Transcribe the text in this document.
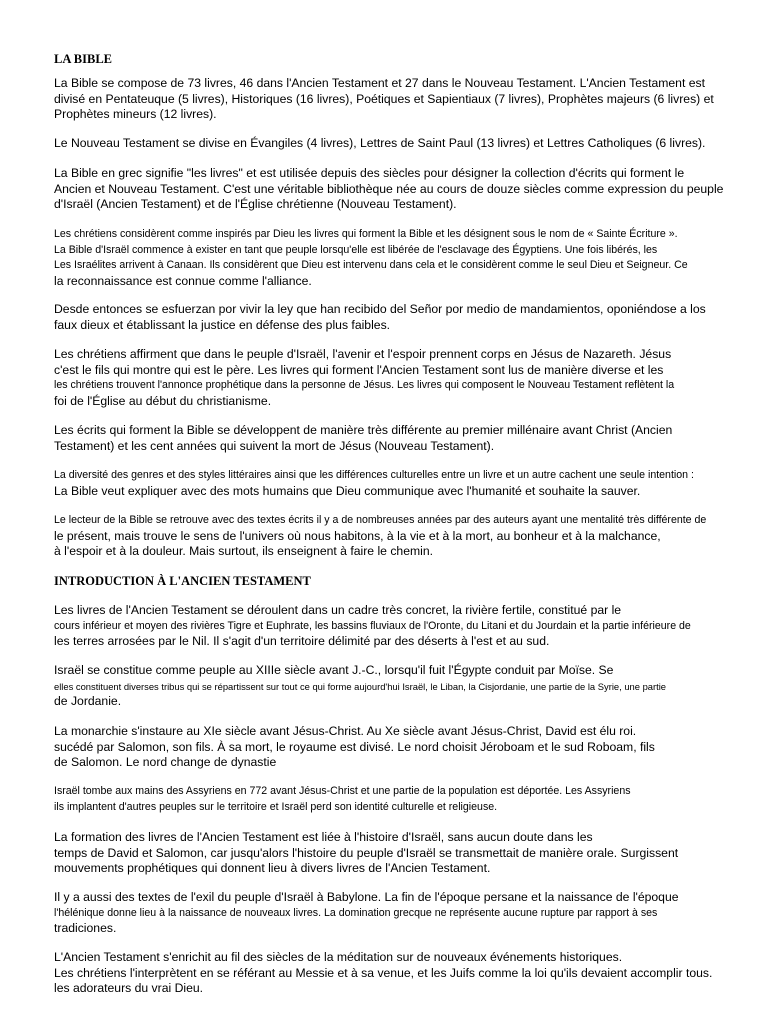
LA BIBLE

La Bible se compose de 73 livres, 46 dans l'Ancien Testament et 27 dans le Nouveau Testament. L'Ancien Testament est
divisé en Pentateuque (5 livres), Historiques (16 livres), Poétiques et Sapientiaux (7 livres), Prophètes majeurs (6 livres) et
Prophètes mineurs (12 livres).

Le Nouveau Testament se divise en Évangiles (4 livres), Lettres de Saint Paul (13 livres) et Lettres Catholiques (6 livres).

La Bible en grec signifie "les livres" et est utilisée depuis des siècles pour désigner la collection d'écrits qui forment le
Ancien et Nouveau Testament. C'est une véritable bibliothèque née au cours de douze siècles comme expression du peuple
d'Israël (Ancien Testament) et de l'Église chrétienne (Nouveau Testament).

Les chrétiens considèrent comme inspirés par Dieu les livres qui forment la Bible et les désignent sous le nom de « Sainte Écriture ».
La Bible d'Israël commence à exister en tant que peuple lorsqu'elle est libérée de l'esclavage des Égyptiens. Une fois libérés, les
Les Israélites arrivent à Canaan. Ils considèrent que Dieu est intervenu dans cela et le considèrent comme le seul Dieu et Seigneur. Ce
la reconnaissance est connue comme l'alliance.

Desde entonces se esfuerzan por vivir la ley que han recibido del Señor por medio de mandamientos, oponiéndose a los
faux dieux et établissant la justice en défense des plus faibles.

Les chrétiens affirment que dans le peuple d'Israël, l'avenir et l'espoir prennent corps en Jésus de Nazareth. Jésus
c'est le fils qui montre qui est le père. Les livres qui forment l'Ancien Testament sont lus de manière diverse et les
les chrétiens trouvent l'annonce prophétique dans la personne de Jésus. Les livres qui composent le Nouveau Testament reflètent la
foi de l'Église au début du christianisme.

Les écrits qui forment la Bible se développent de manière très différente au premier millénaire avant Christ (Ancien
Testament) et les cent années qui suivent la mort de Jésus (Nouveau Testament).

La diversité des genres et des styles littéraires ainsi que les différences culturelles entre un livre et un autre cachent une seule intention :
La Bible veut expliquer avec des mots humains que Dieu communique avec l'humanité et souhaite la sauver.

Le lecteur de la Bible se retrouve avec des textes écrits il y a de nombreuses années par des auteurs ayant une mentalité très différente de
le présent, mais trouve le sens de l'univers où nous habitons, à la vie et à la mort, au bonheur et à la malchance,
à l'espoir et à la douleur. Mais surtout, ils enseignent à faire le chemin.

INTRODUCTION À L'ANCIEN TESTAMENT

Les livres de l'Ancien Testament se déroulent dans un cadre très concret, la rivière fertile, constitué par le
cours inférieur et moyen des rivières Tigre et Euphrate, les bassins fluviaux de l'Oronte, du Litani et du Jourdain et la partie inférieure de
les terres arrosées par le Nil. Il s'agit d'un territoire délimité par des déserts à l'est et au sud.

Israël se constitue comme peuple au XIIIe siècle avant J.-C., lorsqu'il fuit l'Égypte conduit par Moïse. Se
elles constituent diverses tribus qui se répartissent sur tout ce qui forme aujourd'hui Israël, le Liban, la Cisjordanie, une partie de la Syrie, une partie
de Jordanie.

La monarchie s'instaure au XIe siècle avant Jésus-Christ. Au Xe siècle avant Jésus-Christ, David est élu roi.
sucédé par Salomon, son fils. À sa mort, le royaume est divisé. Le nord choisit Jéroboam et le sud Roboam, fils
de Salomon. Le nord change de dynastie

Israël tombe aux mains des Assyriens en 772 avant Jésus-Christ et une partie de la population est déportée. Les Assyriens
ils implantent d'autres peuples sur le territoire et Israël perd son identité culturelle et religieuse.

La formation des livres de l'Ancien Testament est liée à l'histoire d'Israël, sans aucun doute dans les
temps de David et Salomon, car jusqu'alors l'histoire du peuple d'Israël se transmettait de manière orale. Surgissent
mouvements prophétiques qui donnent lieu à divers livres de l'Ancien Testament.

Il y a aussi des textes de l'exil du peuple d'Israël à Babylone. La fin de l'époque persane et la naissance de l'époque
l'hélénique donne lieu à la naissance de nouveaux livres. La domination grecque ne représente aucune rupture par rapport à ses
tradiciones.

L'Ancien Testament s'enrichit au fil des siècles de la méditation sur de nouveaux événements historiques.
Les chrétiens l'interprètent en se référant au Messie et à sa venue, et les Juifs comme la loi qu'ils devaient accomplir tous.
les adorateurs du vrai Dieu.
